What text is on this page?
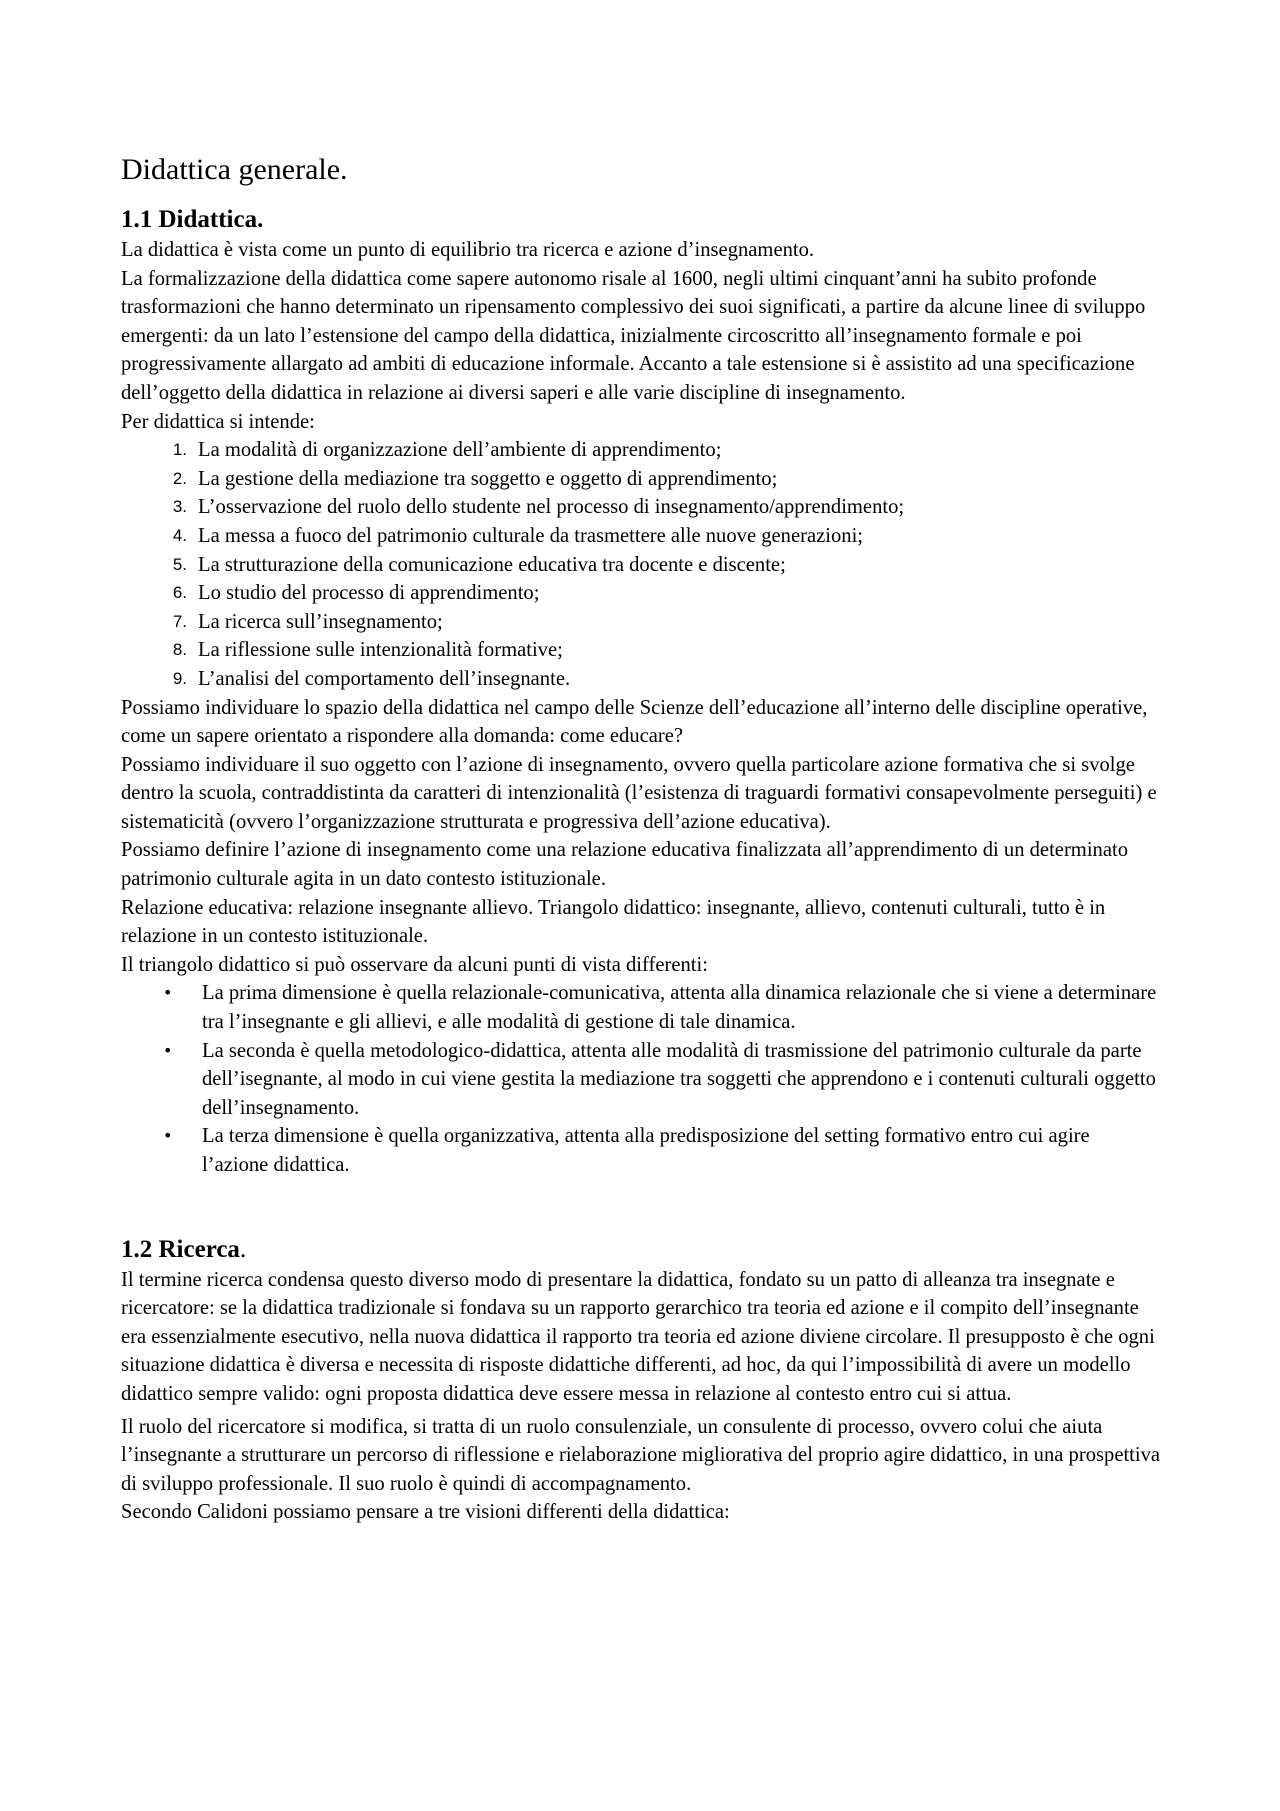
Didattica generale.
1.1 Didattica.

La didattica è vista come un punto di equilibrio tra ricerca e azione d’insegnamento.

La formalizzazione della didattica come sapere autonomo risale al 1600, negli ultimi cinquant’anni ha subito profonde trasformazioni che hanno determinato un ripensamento complessivo dei suoi significati, a partire da alcune linee di sviluppo emergenti: da un lato l’estensione del campo della didattica, inizialmente circoscritto all’insegnamento formale e poi progressivamente allargato ad ambiti di educazione informale. Accanto a tale estensione si è assistito ad una specificazione dell’oggetto della didattica in relazione ai diversi saperi e alle varie discipline di insegnamento.

Per didattica si intende:

1. La modalità di organizzazione dell’ambiente di apprendimento;
2. La gestione della mediazione tra soggetto e oggetto di apprendimento;
3. L’osservazione del ruolo dello studente nel processo di insegnamento/apprendimento;
4. La messa a fuoco del patrimonio culturale da trasmettere alle nuove generazioni;
5. La strutturazione della comunicazione educativa tra docente e discente;
6. Lo studio del processo di apprendimento;
7. La ricerca sull’insegnamento;
8. La riflessione sulle intenzionalità formative;
9. L’analisi del comportamento dell’insegnante.

Possiamo individuare lo spazio della didattica nel campo delle Scienze dell’educazione all’interno delle discipline operative, come un sapere orientato a rispondere alla domanda: come educare?

Possiamo individuare il suo oggetto con l’azione di insegnamento, ovvero quella particolare azione formativa che si svolge dentro la scuola, contraddistinta da caratteri di intenzionalità (l’esistenza di traguardi formativi consapevolmente perseguiti) e sistematicità (ovvero l’organizzazione strutturata e progressiva dell’azione educativa).

Possiamo definire l’azione di insegnamento come una relazione educativa finalizzata all’apprendimento di un determinato patrimonio culturale agita in un dato contesto istituzionale.

Relazione educativa: relazione insegnante allievo. Triangolo didattico: insegnante, allievo, contenuti culturali, tutto è in relazione in un contesto istituzionale.

Il triangolo didattico si può osservare da alcuni punti di vista differenti:

• La prima dimensione è quella relazionale-comunicativa, attenta alla dinamica relazionale che si viene a determinare tra l’insegnante e gli allievi, e alle modalità di gestione di tale dinamica.
• La seconda è quella metodologico-didattica, attenta alle modalità di trasmissione del patrimonio culturale da parte dell’isegnante, al modo in cui viene gestita la mediazione tra soggetti che apprendono e i contenuti culturali oggetto dell’insegnamento.
• La terza dimensione è quella organizzativa, attenta alla predisposizione del setting formativo entro cui agire l’azione didattica.
1.2 Ricerca.

Il termine ricerca condensa questo diverso modo di presentare la didattica, fondato su un patto di alleanza tra insegnate e ricercatore: se la didattica tradizionale si fondava su un rapporto gerarchico tra teoria ed azione e il compito dell’insegnante era essenzialmente esecutivo, nella nuova didattica il rapporto tra teoria ed azione diviene circolare. Il presupposto è che ogni situazione didattica è diversa e necessita di risposte didattiche differenti, ad hoc, da qui l’impossibilità di avere un modello didattico sempre valido: ogni proposta didattica deve essere messa in relazione al contesto entro cui si attua.

Il ruolo del ricercatore si modifica, si tratta di un ruolo consulenziale, un consulente di processo, ovvero colui che aiuta l’insegnante a strutturare un percorso di riflessione e rielaborazione migliorativa del proprio agire didattico, in una prospettiva di sviluppo professionale. Il suo ruolo è quindi di accompagnamento.

Secondo Calidoni possiamo pensare a tre visioni differenti della didattica:
